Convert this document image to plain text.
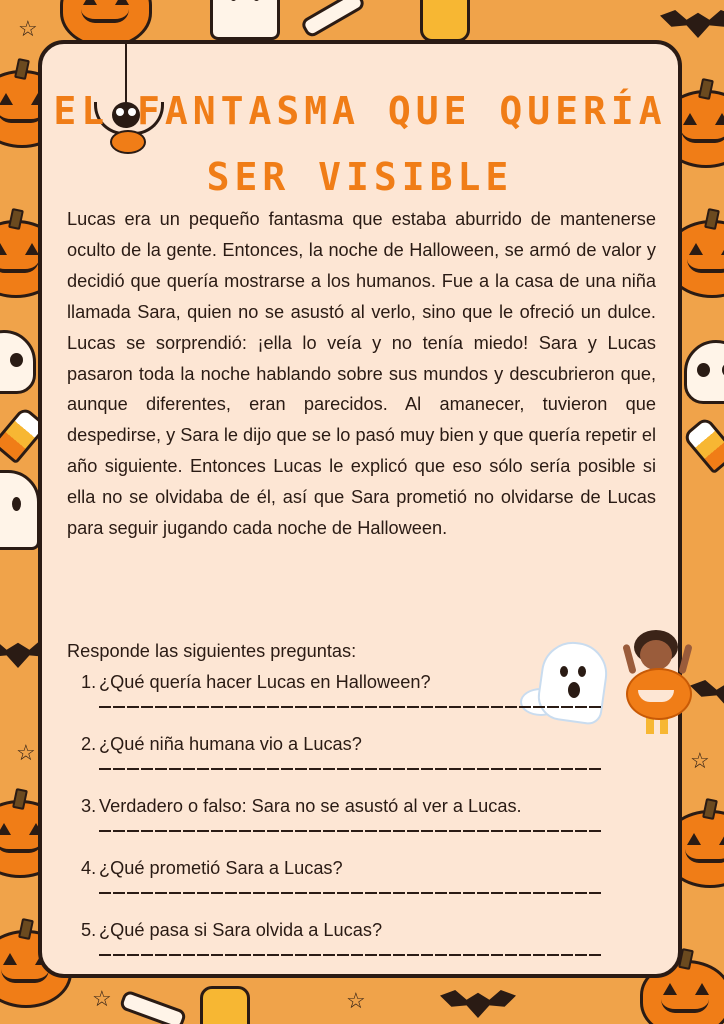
☆
☆
☆	☆
☆
EL FANTASMA QUE QUERÍA
SER VISIBLE

Lucas era un pequeño fantasma que estaba aburrido de mantenerse oculto de la gente. Entonces, la noche de Halloween, se armó de valor y decidió que quería mostrarse a los humanos. Fue a la casa de una niña llamada Sara, quien no se asustó al verlo, sino que le ofreció un dulce. Lucas se sorprendió: ¡ella lo veía y no tenía miedo! Sara y Lucas pasaron toda la noche hablando sobre sus mundos y descubrieron que, aunque diferentes, eran parecidos. Al amanecer, tuvieron que despedirse, y Sara le dijo que se lo pasó muy bien y que quería repetir el año siguiente. Entonces Lucas le explicó que eso sólo sería posible si ella no se olvidaba de él, así que Sara prometió no olvidarse de Lucas para seguir jugando cada noche de Halloween.

Responde las siguientes preguntas:
1. ¿Qué quería hacer Lucas en Halloween?
2. ¿Qué niña humana vio a Lucas?
3. Verdadero o falso: Sara no se asustó al ver a Lucas.
4. ¿Qué prometió Sara a Lucas?
5. ¿Qué pasa si Sara olvida a Lucas?
